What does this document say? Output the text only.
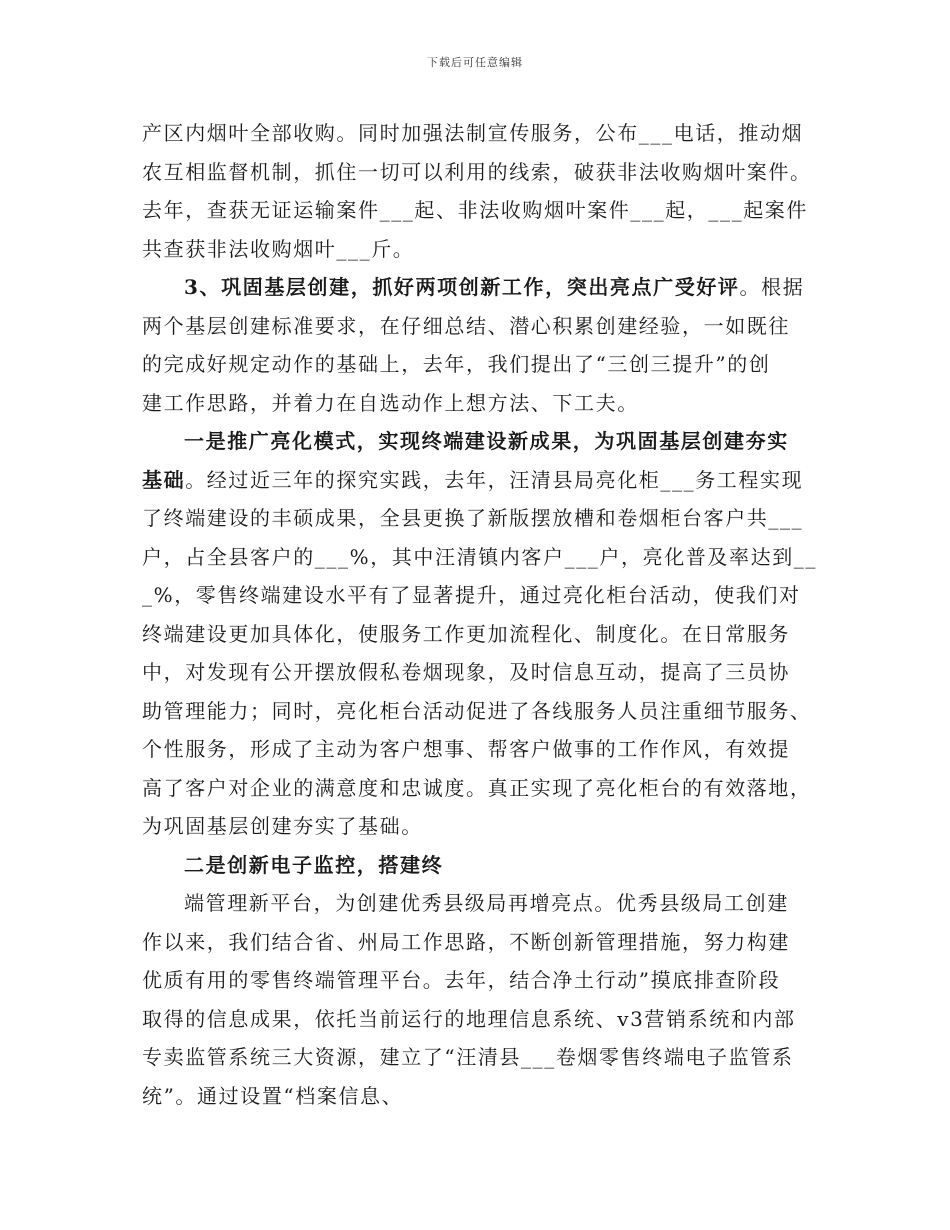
下载后可任意编辑
产区内烟叶全部收购。同时加强法制宣传服务，公布___电话，推动烟
农互相监督机制，抓住一切可以利用的线索，破获非法收购烟叶案件。
去年，查获无证运输案件___起、非法收购烟叶案件___起，___起案件
共查获非法收购烟叶___斤。
3、巩固基层创建，抓好两项创新工作，突出亮点广受好评。根据
两个基层创建标准要求，在仔细总结、潜心积累创建经验，一如既往
的完成好规定动作的基础上，去年，我们提出了“三创三提升”的创
建工作思路，并着力在自选动作上想方法、下工夫。
一是推广亮化模式，实现终端建设新成果，为巩固基层创建夯实
基础。经过近三年的探究实践，去年，汪清县局亮化柜___务工程实现
了终端建设的丰硕成果，全县更换了新版摆放槽和卷烟柜台客户共___
户，占全县客户的___%，其中汪清镇内客户___户，亮化普及率达到__
_%，零售终端建设水平有了显著提升，通过亮化柜台活动，使我们对
终端建设更加具体化，使服务工作更加流程化、制度化。在日常服务
中，对发现有公开摆放假私卷烟现象，及时信息互动，提高了三员协
助管理能力；同时，亮化柜台活动促进了各线服务人员注重细节服务、
个性服务，形成了主动为客户想事、帮客户做事的工作作风，有效提
高了客户对企业的满意度和忠诚度。真正实现了亮化柜台的有效落地，
为巩固基层创建夯实了基础。
二是创新电子监控，搭建终
端管理新平台，为创建优秀县级局再增亮点。优秀县级局工创建
作以来，我们结合省、州局工作思路，不断创新管理措施，努力构建
优质有用的零售终端管理平台。去年，结合净土行动”摸底排查阶段
取得的信息成果，依托当前运行的地理信息系统、v3营销系统和内部
专卖监管系统三大资源，建立了“汪清县___卷烟零售终端电子监管系
统”。通过设置“档案信息、
